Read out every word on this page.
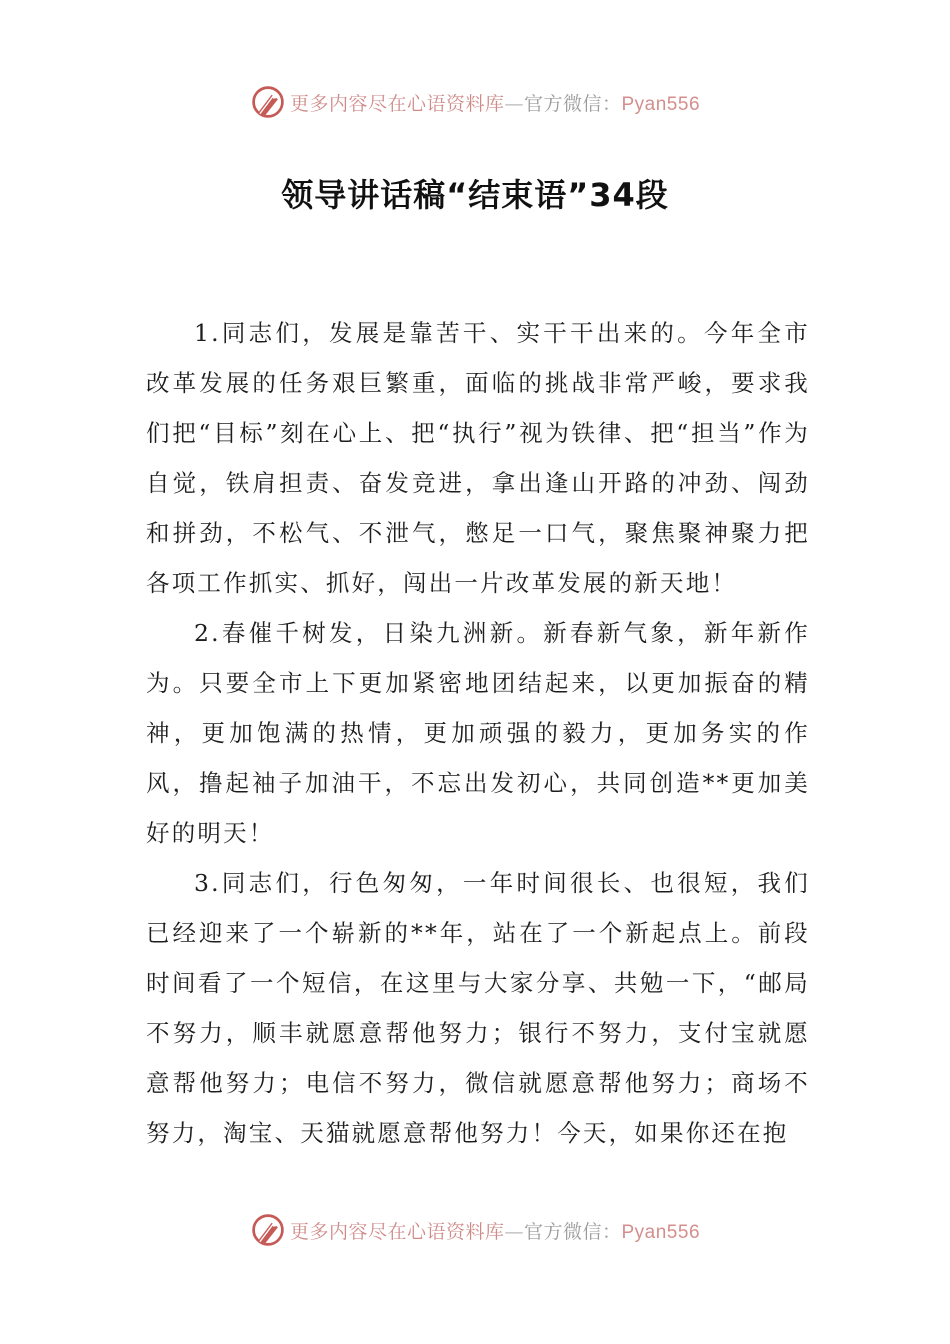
更多内容尽在心语资料库—官方微信：Pyan556
领导讲话稿“结束语”34段

1.同志们，发展是靠苦干、实干干出来的。今年全市改革发展的任务艰巨繁重，面临的挑战非常严峻，要求我们把“目标”刻在心上、把“执行”视为铁律、把“担当”作为自觉，铁肩担责、奋发竞进，拿出逢山开路的冲劲、闯劲和拼劲，不松气、不泄气，憋足一口气，聚焦聚神聚力把各项工作抓实、抓好，闯出一片改革发展的新天地！

2.春催千树发，日染九洲新。新春新气象，新年新作为。只要全市上下更加紧密地团结起来，以更加振奋的精神，更加饱满的热情，更加顽强的毅力，更加务实的作风，撸起袖子加油干，不忘出发初心，共同创造**更加美好的明天！

3.同志们，行色匆匆，一年时间很长、也很短，我们已经迎来了一个崭新的**年，站在了一个新起点上。前段时间看了一个短信，在这里与大家分享、共勉一下，“邮局不努力，顺丰就愿意帮他努力；银行不努力，支付宝就愿意帮他努力；电信不努力，微信就愿意帮他努力；商场不努力，淘宝、天猫就愿意帮他努力！今天，如果你还在抱

更多内容尽在心语资料库—官方微信：Pyan556
